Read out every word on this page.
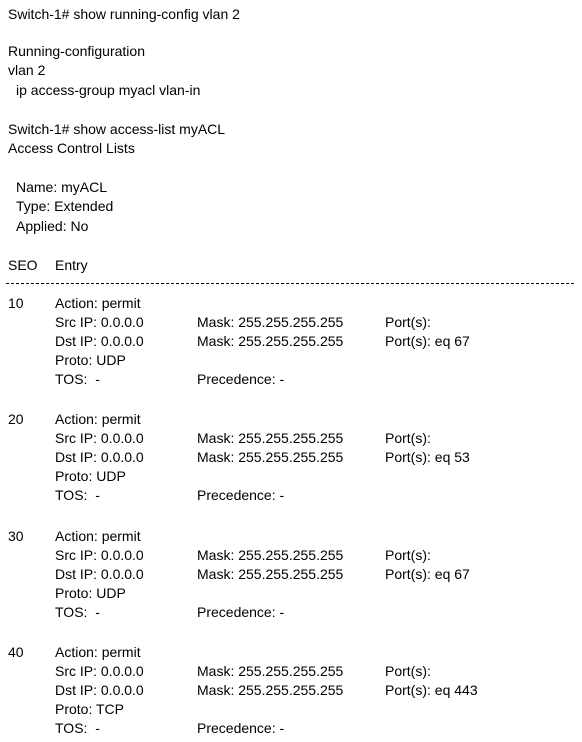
Switch-1# show running-config vlan 2
Running-configuration
vlan 2
ip access-group myacl vlan-in
Switch-1# show access-list myACL
Access Control Lists
Name: myACL
Type: Extended
Applied: No
SEO Entry
10 Action: permit
Src IP: 0.0.0.0	Mask: 255.255.255.255	Port(s):
Dst IP: 0.0.0.0	Mask: 255.255.255.255	Port(s): eq 67
Proto: UDP
TOS:  -	Precedence: -
20 Action: permit
Src IP: 0.0.0.0	Mask: 255.255.255.255	Port(s):
Dst IP: 0.0.0.0	Mask: 255.255.255.255	Port(s): eq 53
Proto: UDP
TOS:  -	Precedence: -
30 Action: permit
Src IP: 0.0.0.0	Mask: 255.255.255.255	Port(s):
Dst IP: 0.0.0.0	Mask: 255.255.255.255	Port(s): eq 67
Proto: UDP
TOS:  -	Precedence: -
40 Action: permit
Src IP: 0.0.0.0	Mask: 255.255.255.255	Port(s):
Dst IP: 0.0.0.0	Mask: 255.255.255.255	Port(s): eq 443
Proto: TCP
TOS:  -	Precedence: -
